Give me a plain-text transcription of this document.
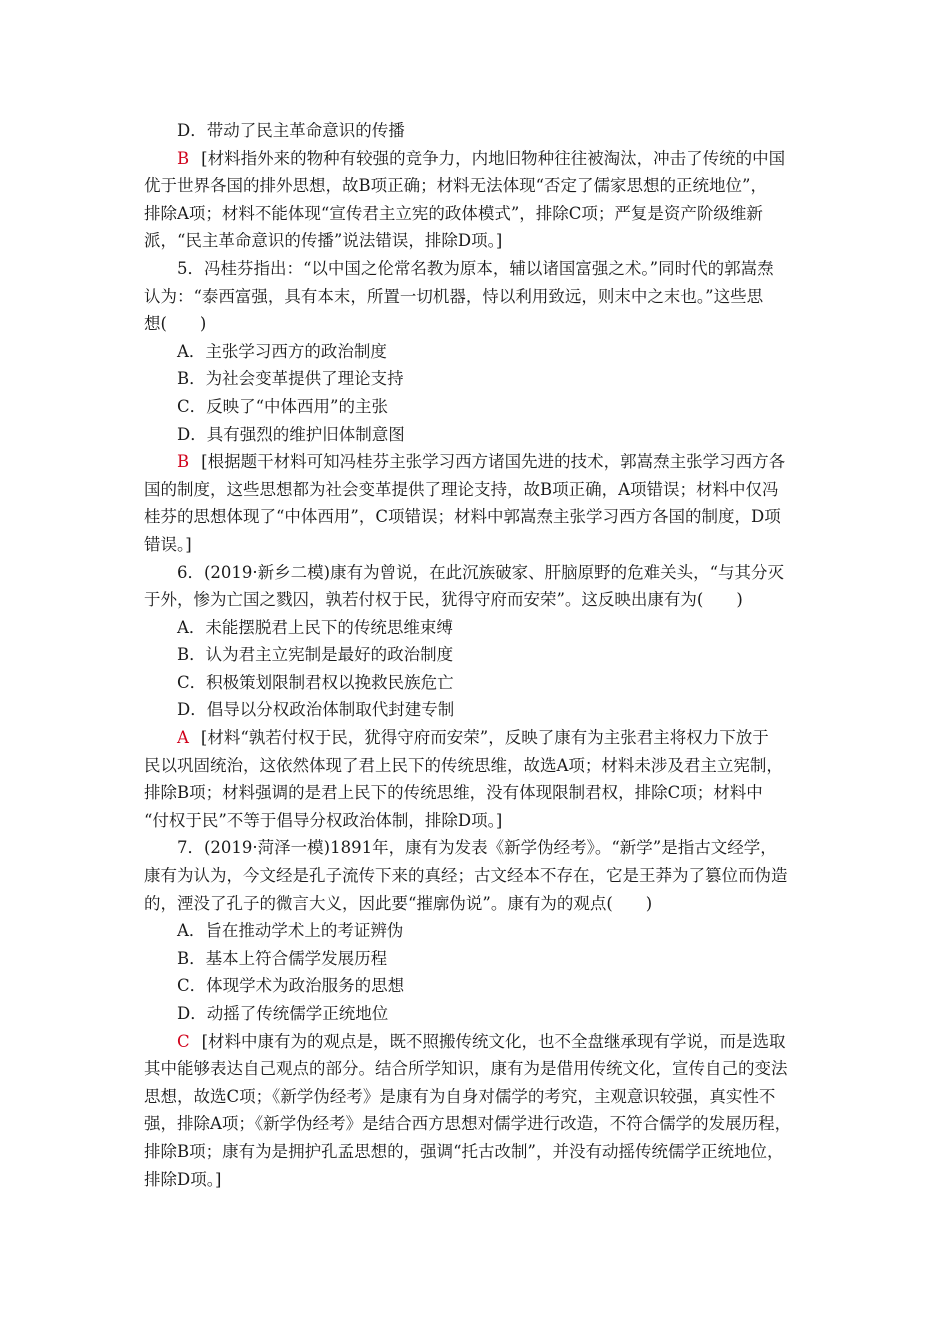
D．带动了民主革命意识的传播
B [材料指外来的物种有较强的竞争力，内地旧物种往往被淘汰，冲击了传统的中国
优于世界各国的排外思想，故B项正确；材料无法体现“否定了儒家思想的正统地位”，
排除A项；材料不能体现“宣传君主立宪的政体模式”，排除C项；严复是资产阶级维新
派，“民主革命意识的传播”说法错误，排除D项。]
5．冯桂芬指出：“以中国之伦常名教为原本，辅以诸国富强之术。”同时代的郭嵩焘
认为：“泰西富强，具有本末，所置一切机器，恃以利用致远，则末中之末也。”这些思
想(　　)
A．主张学习西方的政治制度
B．为社会变革提供了理论支持
C．反映了“中体西用”的主张
D．具有强烈的维护旧体制意图
B [根据题干材料可知冯桂芬主张学习西方诸国先进的技术，郭嵩焘主张学习西方各
国的制度，这些思想都为社会变革提供了理论支持，故B项正确，A项错误；材料中仅冯
桂芬的思想体现了“中体西用”，C项错误；材料中郭嵩焘主张学习西方各国的制度，D项
错误。]
6．(2019·新乡二模)康有为曾说，在此沉族破家、肝脑原野的危难关头，“与其分灭
于外，惨为亡国之戮囚，孰若付权于民，犹得守府而安荣”。这反映出康有为(　　)
A．未能摆脱君上民下的传统思维束缚
B．认为君主立宪制是最好的政治制度
C．积极策划限制君权以挽救民族危亡
D．倡导以分权政治体制取代封建专制
A [材料“孰若付权于民，犹得守府而安荣”，反映了康有为主张君主将权力下放于
民以巩固统治，这依然体现了君上民下的传统思维，故选A项；材料未涉及君主立宪制，
排除B项；材料强调的是君上民下的传统思维，没有体现限制君权，排除C项；材料中
“付权于民”不等于倡导分权政治体制，排除D项。]
7．(2019·菏泽一模)1891年，康有为发表《新学伪经考》。“新学”是指古文经学，
康有为认为，今文经是孔子流传下来的真经；古文经本不存在，它是王莽为了篡位而伪造
的，湮没了孔子的微言大义，因此要“摧廓伪说”。康有为的观点(　　)
A．旨在推动学术上的考证辨伪
B．基本上符合儒学发展历程
C．体现学术为政治服务的思想
D．动摇了传统儒学正统地位
C [材料中康有为的观点是，既不照搬传统文化，也不全盘继承现有学说，而是选取
其中能够表达自己观点的部分。结合所学知识，康有为是借用传统文化，宣传自己的变法
思想，故选C项；《新学伪经考》是康有为自身对儒学的考究，主观意识较强，真实性不
强，排除A项；《新学伪经考》是结合西方思想对儒学进行改造，不符合儒学的发展历程，
排除B项；康有为是拥护孔孟思想的，强调“托古改制”，并没有动摇传统儒学正统地位，
排除D项。]
